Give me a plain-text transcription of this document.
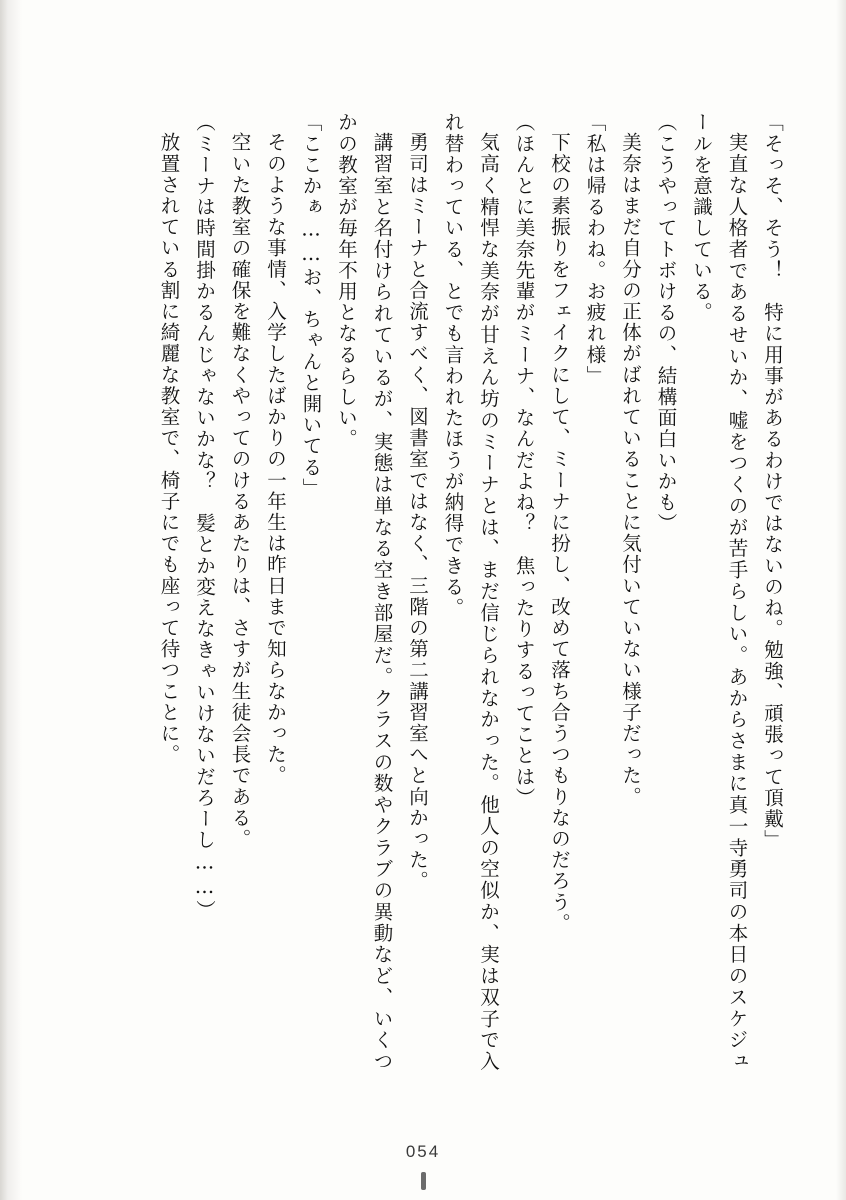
「そっそ、そう！　特に用事があるわけではないのね。勉強、頑張って頂戴」

実直な人格者であるせいか、嘘をつくのが苦手らしい。あからさまに真一寺勇司の本日のスケジュールを意識している。

（こうやってトボけるの、結構面白いかも）

美奈はまだ自分の正体がばれていることに気付いていない様子だった。

「私は帰るわね。お疲れ様」

下校の素振りをフェイクにして、ミーナに扮し、改めて落ち合うつもりなのだろう。

（ほんとに美奈先輩がミーナ、なんだよね？　焦ったりするってことは）

気高く精悍な美奈が甘えん坊のミーナとは、まだ信じられなかった。他人の空似か、実は双子で入れ替わっている、とでも言われたほうが納得できる。

勇司はミーナと合流すべく、図書室ではなく、三階の第二講習室へと向かった。

講習室と名付けられているが、実態は単なる空き部屋だ。クラスの数やクラブの異動など、いくつかの教室が毎年不用となるらしい。

「ここかぁ……お、ちゃんと開いてる」

そのような事情、入学したばかりの一年生は昨日まで知らなかった。

空いた教室の確保を難なくやってのけるあたりは、さすが生徒会長である。

（ミーナは時間掛かるんじゃないかな？　髪とか変えなきゃいけないだろーし……）

放置されている割に綺麗な教室で、椅子にでも座って待つことに。

054
